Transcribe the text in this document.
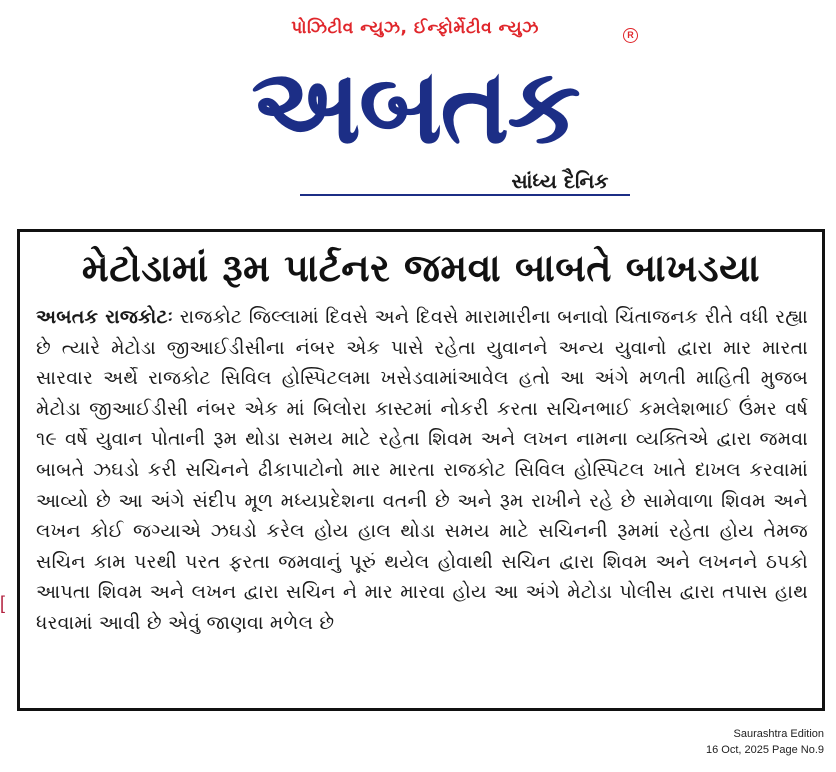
પોઝિટીવ ન્યુઝ, ઈન્ફોર્મેટીવ ન્યુઝ	R
અબતક
સાંધ્ય દૈનિક
[
મેટોડામાં રૂમ પાર્ટનર જમવા બાબતે બાખડયા
અબતક રાજકોટઃ રાજકોટ જિલ્લામાં દિવસે અને દિવસે મારામારીના બનાવો ચિંતાજનક રીતે વધી રહ્યા છે ત્યારે મેટોડા જીઆઈડીસીના નંબર એક પાસે રહેતા યુવાનને અન્ય યુવાનો દ્વારા માર મારતા સારવાર અર્થે રાજકોટ સિવિલ હોસ્પિટલમા ખસેડવામાંઆવેલ હતો આ અંગે મળતી માહિતી મુજબ મેટોડા જીઆઈડીસી નંબર એક માં બિલોરા કાસ્ટમાં નોકરી કરતા સચિનભાઈ કમલેશભાઈ ઉંમર વર્ષ ૧૯ વર્ષે યુવાન પોતાની રૂમ થોડા સમય માટે રહેતા શિવમ અને લખન નામના વ્યક્તિએ દ્વારા જમવા બાબતે ઝઘડો કરી સચિનને ઢીકાપાટોનો માર મારતા રાજકોટ સિવિલ હોસ્પિટલ ખાતે દાખલ કરવામાં આવ્યો છે આ અંગે સંદીપ મૂળ મધ્યપ્રદેશના વતની છે અને રૂમ રાખીને રહે છે સામેવાળા શિવમ અને લખન કોઈ જગ્યાએ ઝઘડો કરેલ હોય હાલ થોડા સમય માટે સચિનની રૂમમાં રહેતા હોય તેમજ સચિન કામ પરથી પરત ફરતા જમવાનું પૂરું થયેલ હોવાથી સચિન દ્વારા શિવમ અને લખનને ઠપકો આપતા શિવમ અને લખન દ્વારા સચિન ને માર મારવા હોય આ અંગે મેટોડા પોલીસ દ્વારા તપાસ હાથ ધરવામાં આવી છે એવું જાણવા મળેલ છે
Saurashtra Edition
16 Oct, 2025 Page No.9
